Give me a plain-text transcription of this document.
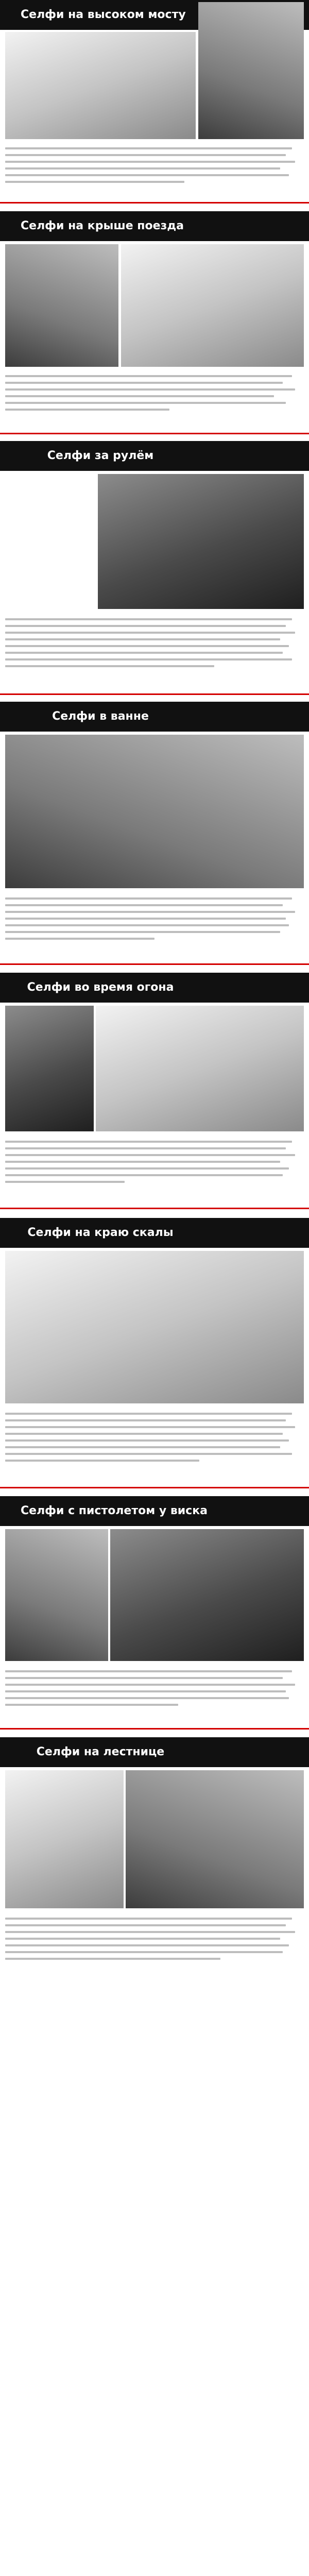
Селфи на высоком мосту
Селфи на крыше поезда
Селфи за рулём
Селфи в ванне
Селфи во время огона
Селфи на краю скалы
Селфи с пистолетом у виска
Селфи на лестнице
